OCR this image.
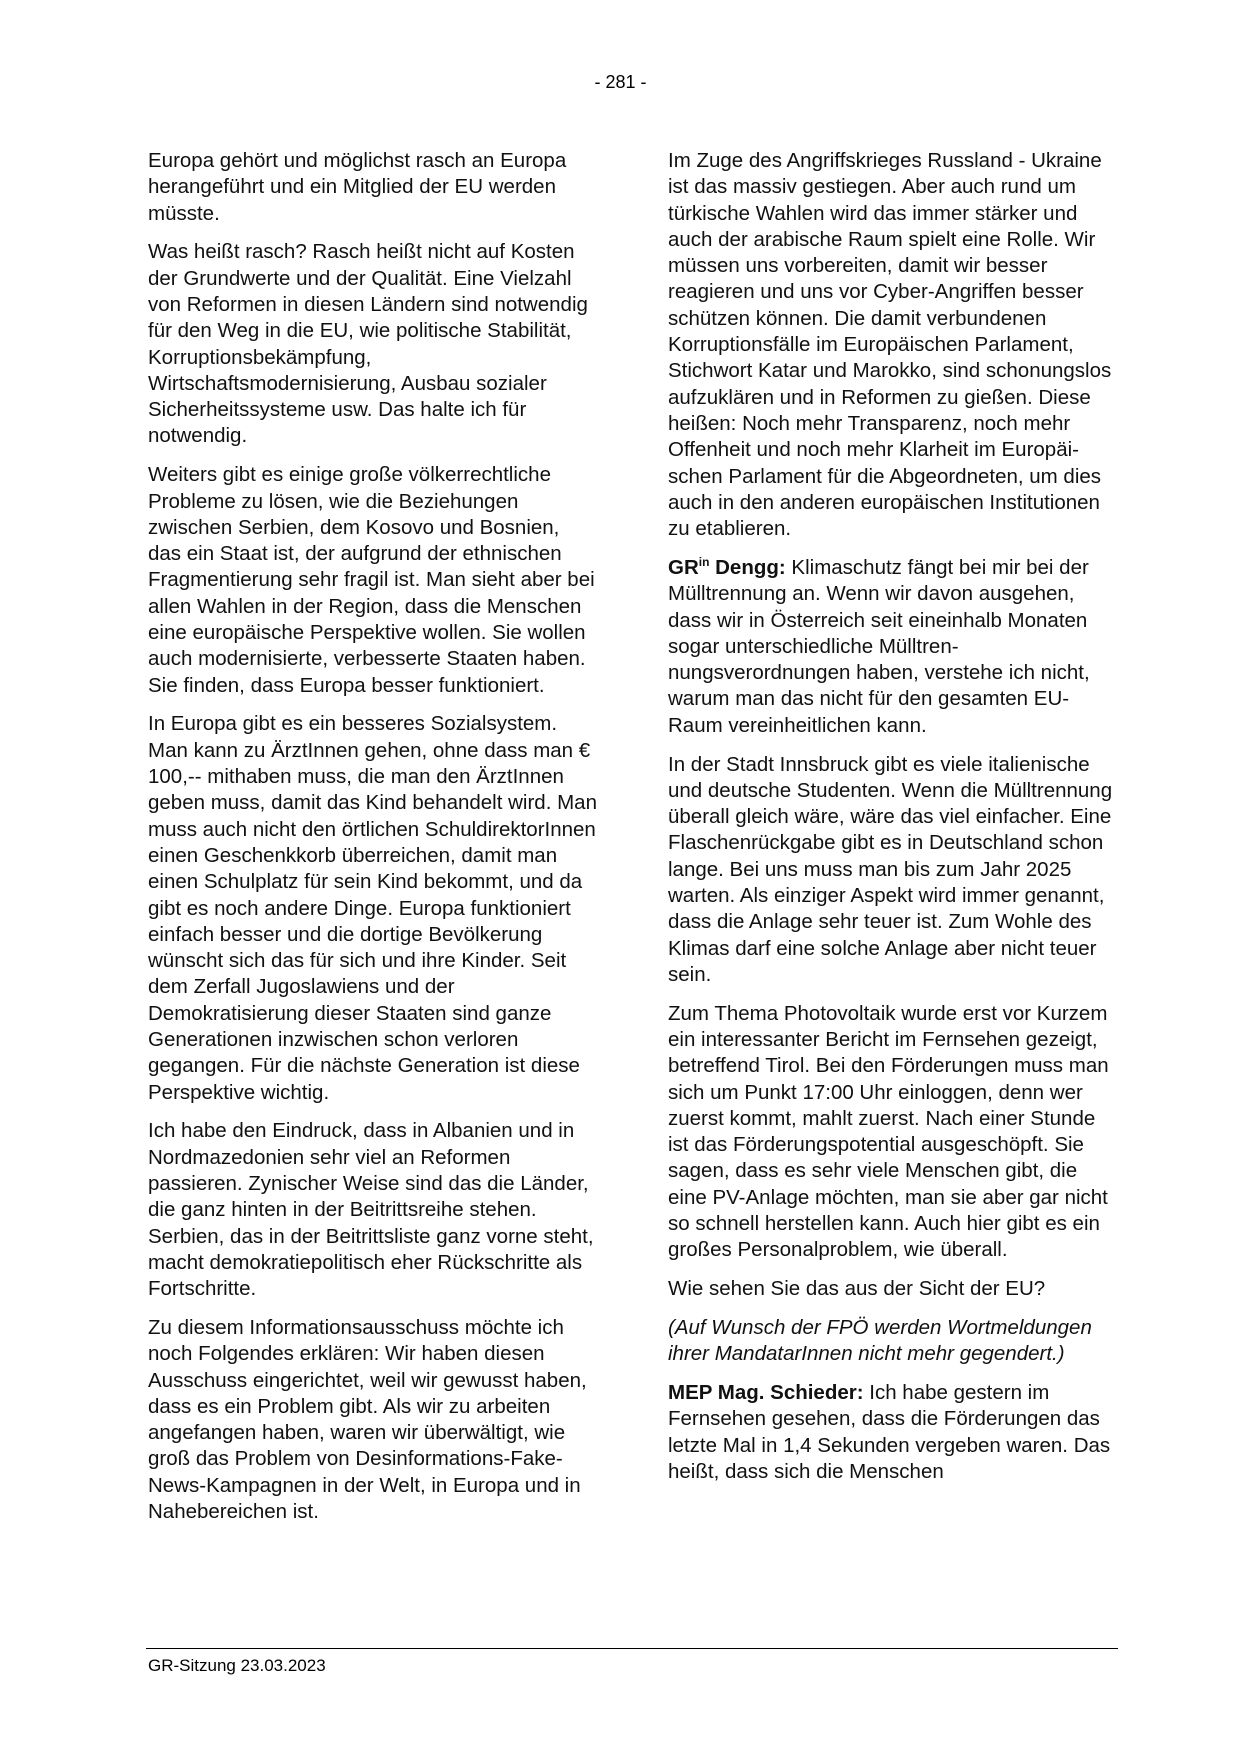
- 281 -

Europa gehört und möglichst rasch an Europa herangeführt und ein Mitglied der EU werden müsste.

Was heißt rasch? Rasch heißt nicht auf Kosten der Grundwerte und der Qualität. Eine Vielzahl von Reformen in diesen Ländern sind notwendig für den Weg in die EU, wie politische Stabilität, Korruptionsbekämpfung, Wirtschaftsmodernisierung, Ausbau sozialer Sicherheitssysteme usw. Das halte ich für notwendig.

Weiters gibt es einige große völkerrechtliche Probleme zu lösen, wie die Beziehungen zwischen Serbien, dem Kosovo und Bosnien, das ein Staat ist, der aufgrund der ethnischen Fragmentierung sehr fragil ist. Man sieht aber bei allen Wahlen in der Region, dass die Menschen eine europäische Perspektive wollen. Sie wollen auch modernisierte, verbesserte Staaten haben. Sie finden, dass Europa besser funktioniert.

In Europa gibt es ein besseres Sozialsystem. Man kann zu ÄrztInnen gehen, ohne dass man € 100,-- mithaben muss, die man den ÄrztInnen geben muss, damit das Kind behandelt wird. Man muss auch nicht den örtlichen SchuldirektorInnen einen Geschenkkorb überreichen, damit man einen Schulplatz für sein Kind bekommt, und da gibt es noch andere Dinge. Europa funktioniert einfach besser und die dortige Bevölkerung wünscht sich das für sich und ihre Kinder. Seit dem Zerfall Jugoslawiens und der Demokratisierung dieser Staaten sind ganze Generationen inzwischen schon verloren gegangen. Für die nächste Generation ist diese Perspektive wichtig.

Ich habe den Eindruck, dass in Albanien und in Nordmazedonien sehr viel an Reformen passieren. Zynischer Weise sind das die Länder, die ganz hinten in der Beitrittsreihe stehen. Serbien, das in der Beitrittsliste ganz vorne steht, macht demokratiepolitisch eher Rückschritte als Fortschritte.

Zu diesem Informationsausschuss möchte ich noch Folgendes erklären: Wir haben diesen Ausschuss eingerichtet, weil wir gewusst haben, dass es ein Problem gibt. Als wir zu arbeiten angefangen haben, waren wir überwältigt, wie groß das Problem von Desinformations-Fake-News-Kampagnen in der Welt, in Europa und in Nahebereichen ist.

Im Zuge des Angriffskrieges Russland - Ukraine ist das massiv gestiegen. Aber auch rund um türkische Wahlen wird das immer stärker und auch der arabische Raum spielt eine Rolle. Wir müssen uns vorbereiten, damit wir besser reagieren und uns vor Cyber-Angriffen besser schützen können. Die damit verbundenen Korruptionsfälle im Europäischen Parlament, Stichwort Katar und Marokko, sind schonungslos aufzuklären und in Reformen zu gießen. Diese heißen: Noch mehr Transparenz, noch mehr Offenheit und noch mehr Klarheit im Europäischen Parlament für die Abgeordneten, um dies auch in den anderen europäischen Institutionen zu etablieren.

$GR^{in}$ Dengg: Klimaschutz fängt bei mir bei der Mülltrennung an. Wenn wir davon ausgehen, dass wir in Österreich seit eineinhalb Monaten sogar unterschiedliche Mülltrennungsverordnungen haben, verstehe ich nicht, warum man das nicht für den gesamten EU-Raum vereinheitlichen kann.

In der Stadt Innsbruck gibt es viele italienische und deutsche Studenten. Wenn die Mülltrennung überall gleich wäre, wäre das viel einfacher. Eine Flaschenrückgabe gibt es in Deutschland schon lange. Bei uns muss man bis zum Jahr 2025 warten. Als einziger Aspekt wird immer genannt, dass die Anlage sehr teuer ist. Zum Wohle des Klimas darf eine solche Anlage aber nicht teuer sein.

Zum Thema Photovoltaik wurde erst vor Kurzem ein interessanter Bericht im Fernsehen gezeigt, betreffend Tirol. Bei den Förderungen muss man sich um Punkt 17:00 Uhr einloggen, denn wer zuerst kommt, mahlt zuerst. Nach einer Stunde ist das Förderungspotential ausgeschöpft. Sie sagen, dass es sehr viele Menschen gibt, die eine PV-Anlage möchten, man sie aber gar nicht so schnell herstellen kann. Auch hier gibt es ein großes Personalproblem, wie überall.

Wie sehen Sie das aus der Sicht der EU?

(Auf Wunsch der FPÖ werden Wortmeldungen ihrer MandatarInnen nicht mehr gegendert.)

MEP Mag. Schieder: Ich habe gestern im Fernsehen gesehen, dass die Förderungen das letzte Mal in 1,4 Sekunden vergeben waren. Das heißt, dass sich die Menschen

GR-Sitzung 23.03.2023
